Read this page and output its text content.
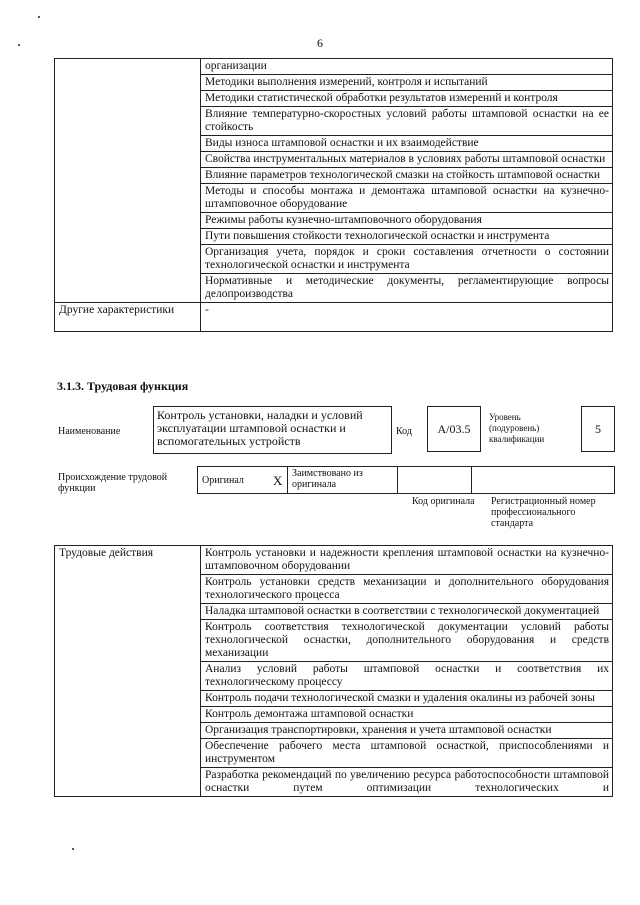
6
	организации
	Методики выполнения измерений, контроля и испытаний
	Методики статистической обработки результатов измерений и контроля
	Влияние температурно-скоростных условий работы штамповой оснастки на ее стойкость
	Виды износа штамповой оснастки и их взаимодействие
	Свойства инструментальных материалов в условиях работы штамповой оснастки
	Влияние параметров технологической смазки на стойкость штамповой оснастки
	Методы и способы монтажа и демонтажа штамповой оснастки на кузнечно-штамповочное оборудование
	Режимы работы кузнечно-штамповочного оборудования
	Пути повышения стойкости технологической оснастки и инструмента
	Организация учета, порядок и сроки составления отчетности о состоянии технологической оснастки и инструмента
	Нормативные и методические документы, регламентирующие вопросы делопроизводства
Другие характеристики	-
3.1.3. Трудовая функция
Наименование
Контроль установки, наладки и условий эксплуатации штамповой оснастки и вспомогательных устройств
Код	А/03.5
Уровень (подуровень) квалификации
5
Происхождение трудовой функции
Оригинал	X	Заимствовано из оригинала		
Код оригинала Регистрационный номер профессионального стандарта
Трудовые действия	Контроль установки и надежности крепления штамповой оснастки на кузнечно-штамповочном оборудовании
Контроль установки средств механизации и дополнительного оборудования технологического процесса
Наладка штамповой оснастки в соответствии с технологической документацией
Контроль соответствия технологической документации условий работы технологической оснастки, дополнительного оборудования и средств механизации
Анализ условий работы штамповой оснастки и соответствия их технологическому процессу
Контроль подачи технологической смазки и удаления окалины из рабочей зоны
Контроль демонтажа штамповой оснастки
Организация транспортировки, хранения и учета штамповой оснастки
Обеспечение рабочего места штамповой оснасткой, приспособлениями и инструментом
Разработка рекомендаций по увеличению ресурса работоспособности штамповой оснастки путем оптимизации технологических и
